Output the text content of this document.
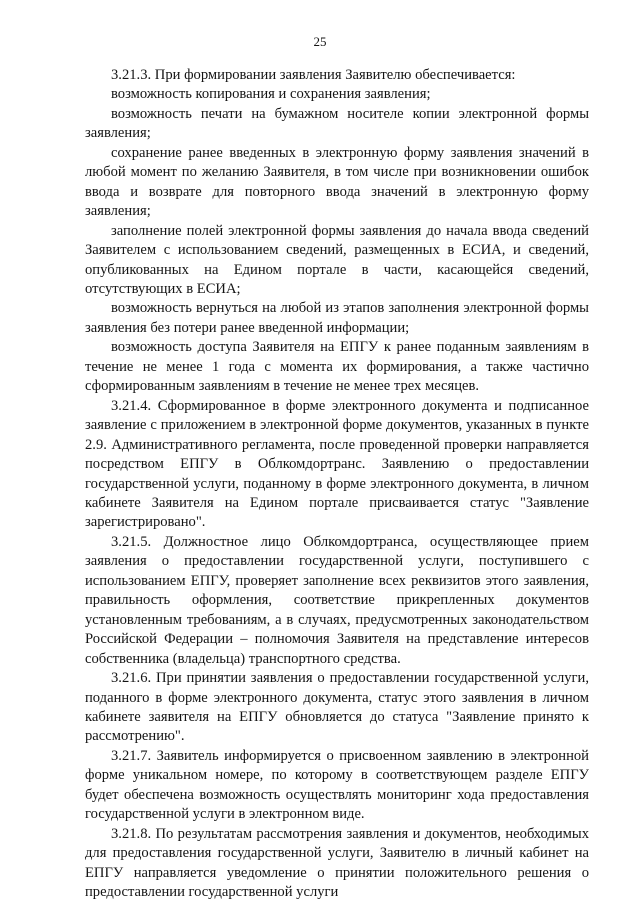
25

3.21.3. При формировании заявления Заявителю обеспечивается:

возможность копирования и сохранения заявления;

возможность печати на бумажном носителе копии электронной формы заявления;

сохранение ранее введенных в электронную форму заявления значений в любой момент по желанию Заявителя, в том числе при возникновении ошибок ввода и возврате для повторного ввода значений в электронную форму заявления;

заполнение полей электронной формы заявления до начала ввода сведений Заявителем с использованием сведений, размещенных в ЕСИА, и сведений, опубликованных на Едином портале в части, касающейся сведений, отсутствующих в ЕСИА;

возможность вернуться на любой из этапов заполнения электронной формы заявления без потери ранее введенной информации;

возможность доступа Заявителя на ЕПГУ к ранее поданным заявлениям в течение не менее 1 года с момента их формирования, а также частично сформированным заявлениям в течение не менее трех месяцев.

3.21.4. Сформированное в форме электронного документа и подписанное заявление с приложением в электронной форме документов, указанных в пункте 2.9. Административного регламента, после проведенной проверки направляется посредством ЕПГУ в Облкомдортранс. Заявлению о предоставлении государственной услуги, поданному в форме электронного документа, в личном кабинете Заявителя на Едином портале присваивается статус "Заявление зарегистрировано".

3.21.5. Должностное лицо Облкомдортранса, осуществляющее прием заявления о предоставлении государственной услуги, поступившего с использованием ЕПГУ, проверяет заполнение всех реквизитов этого заявления, правильность оформления, соответствие прикрепленных документов установленным требованиям, а в случаях, предусмотренных законодательством Российской Федерации – полномочия Заявителя на представление интересов собственника (владельца) транспортного средства.

3.21.6. При принятии заявления о предоставлении государственной услуги, поданного в форме электронного документа, статус этого заявления в личном кабинете заявителя на ЕПГУ обновляется до статуса "Заявление принято к рассмотрению".

3.21.7. Заявитель информируется о присвоенном заявлению в электронной форме уникальном номере, по которому в соответствующем разделе ЕПГУ будет обеспечена возможность осуществлять мониторинг хода предоставления государственной услуги в электронном виде.

3.21.8. По результатам рассмотрения заявления и документов, необходимых для предоставления государственной услуги, Заявителю в личный кабинет на ЕПГУ направляется уведомление о принятии положительного решения о предоставлении государственной услуги
